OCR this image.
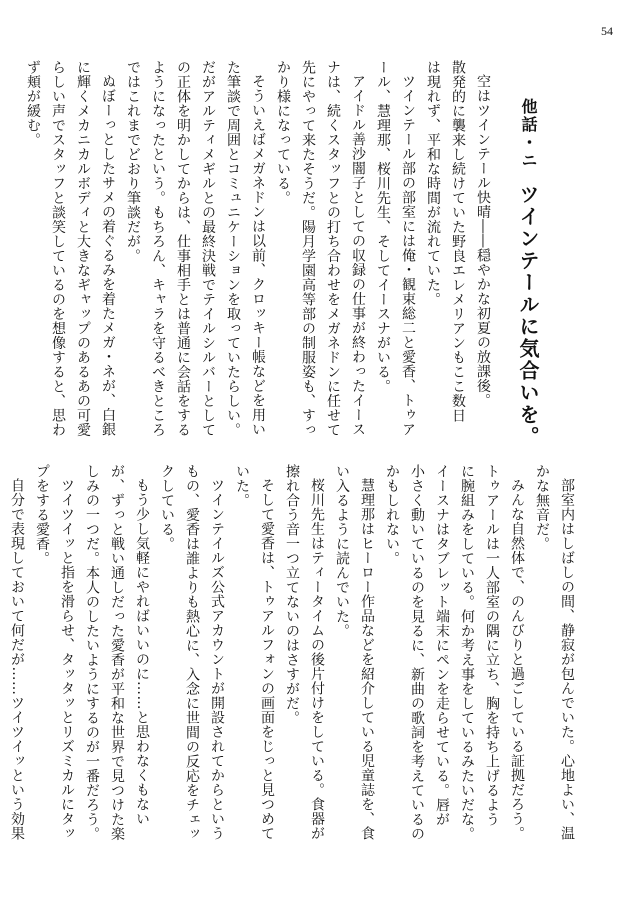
54
他話・ニツインテールに気合いを。
空はツインテール快晴――穏やかな初夏の放課後。
散発的に襲来し続けていた野良エレメリアンもここ数日
は現れず、平和な時間が流れていた。
ツインテール部の部室には俺・観束総二と愛香、トゥア
ール、慧理那、桜川先生、そしてイースナがいる。
アイドル善沙闇子としての収録の仕事が終わったイース
ナは、続くスタッフとの打ち合わせをメガネドンに任せて
先にやって来たそうだ。陽月学園高等部の制服姿も、すっ
かり様になっている。
そういえばメガネドンは以前、クロッキー帳などを用い
た筆談で周囲とコミュニケーションを取っていたらしい。
だがアルティメギルとの最終決戦でテイルシルバーとして
の正体を明かしてからは、仕事相手とは普通に会話をする
ようになったという。もちろん、キャラを守るべきところ
ではこれまでどおり筆談だが。
ぬぼーっとしたサメの着ぐるみを着たメガ・ネが、白銀
に輝くメカニカルボディと大きなギャップのあるあの可愛
らしい声でスタッフと談笑しているのを想像すると、思わ
ず頬が緩む。
部室内はしばしの間、静寂が包んでいた。心地よい、温
かな無音だ。
みんな自然体で、のんびりと過ごしている証拠だろう。
トゥアールは一人部室の隅に立ち、胸を持ち上げるよう
に腕組みをしている。何か考え事をしているみたいだな。
イースナはタブレット端末にペンを走らせている。唇が
小さく動いているのを見るに、新曲の歌詞を考えているの
かもしれない。
慧理那はヒーロー作品などを紹介している児童誌を、食
い入るように読んでいた。
桜川先生はティータイムの後片付けをしている。食器が
擦れ合う音一つ立てないのはさすがだ。
そして愛香は、トゥアルフォンの画面をじっと見つめて
いた。
ツインテイルズ公式アカウントが開設されてからという
もの、愛香は誰よりも熱心に、入念に世間の反応をチェッ
クしている。
もう少し気軽にやればいいのに……と思わなくもない
が、ずっと戦い通しだった愛香が平和な世界で見つけた楽
しみの一つだ。本人のしたいようにするのが一番だろう。
ツイツイッと指を滑らせ、タッタッとリズミカルにタッ
プをする愛香。
自分で表現しておいて何だが……ツイツイッという効果
